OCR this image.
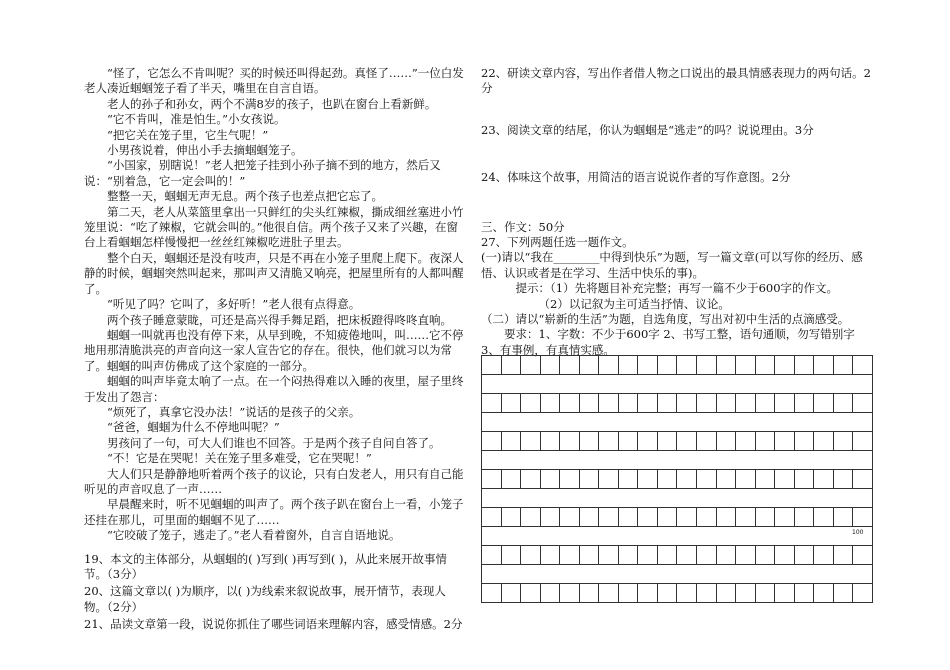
“怪了，它怎么不肯叫呢？买的时候还叫得起劲。真怪了……”一位白发老人凑近蝈蝈笼子看了半天，嘴里在自言自语。

老人的孙子和孙女，两个不满8岁的孩子，也趴在窗台上看新鲜。

“它不肯叫，准是怕生。”小女孩说。

“把它关在笼子里，它生气呢！”

小男孩说着，伸出小手去摘蝈蝈笼子。

“小国家，别瞎说！”老人把笼子挂到小孙子摘不到的地方，然后又说：“别着急，它一定会叫的！”

整整一天，蝈蝈无声无息。两个孩子也差点把它忘了。

第二天，老人从菜篮里拿出一只鲜红的尖头红辣椒，撕成细丝塞进小竹笼里说：“吃了辣椒，它就会叫的。”他很自信。两个孩子又来了兴趣，在窗台上看蝈蝈怎样慢慢把一丝丝红辣椒吃进肚子里去。

整个白天，蝈蝈还是没有吱声，只是不再在小笼子里爬上爬下。夜深人静的时候，蝈蝈突然叫起来，那叫声又清脆又响亮，把屋里所有的人都叫醒了。

“听见了吗？它叫了，多好听！”老人很有点得意。

两个孩子睡意蒙眬，可还是高兴得手舞足蹈，把床板蹬得咚咚直响。

蝈蝈一叫就再也没有停下来，从早到晚，不知疲倦地叫，叫……它不停地用那清脆洪亮的声音向这一家人宣告它的存在。很快，他们就习以为常了。蝈蝈的叫声仿佛成了这个家庭的一部分。

蝈蝈的叫声毕竟太响了一点。在一个闷热得难以入睡的夜里，屋子里终于发出了怨言：

“烦死了，真拿它没办法！”说话的是孩子的父亲。

“爸爸，蝈蝈为什么不停地叫呢？”

男孩问了一句，可大人们谁也不回答。于是两个孩子自问自答了。

“不！它是在哭呢！关在笼子里多难受，它在哭呢！”

大人们只是静静地听着两个孩子的议论，只有白发老人，用只有自己能听见的声音叹息了一声……

早晨醒来时，听不见蝈蝈的叫声了。两个孩子趴在窗台上一看，小笼子还挂在那儿，可里面的蝈蝈不见了……

“它咬破了笼子，逃走了。”老人看着窗外，自言自语地说。

19、本文的主体部分，从蝈蝈的( )写到( )再写到( )，从此来展开故事情节。（3分）

20、这篇文章以( )为顺序，以( )为线索来叙说故事，展开情节，表现人物。（2分）

21、品读文章第一段，说说你抓住了哪些词语来理解内容，感受情感。2分

22、研读文章内容，写出作者借人物之口说出的最具情感表现力的两句话。2分

23、阅读文章的结尾，你认为蝈蝈是“逃走”的吗？说说理由。3分

24、体味这个故事，用简洁的语言说说作者的写作意图。2分

三、作文：50分

27、下列两题任选一题作文。

(一)请以“我在________中得到快乐”为题，写一篇文章(可以写你的经历、感悟、认识或者是在学习、生活中快乐的事)。

提示：（1）先将题目补充完整；再写一篇不少于600字的作文。

（2）以记叙为主可适当抒情、议论。

（二）请以“崭新的生活”为题，自选角度，写出对初中生活的点滴感受。

要求：1、字数：不少于600字 2、书写工整，语句通顺，勿写错别字 3、有事例，有真情实感。

100
